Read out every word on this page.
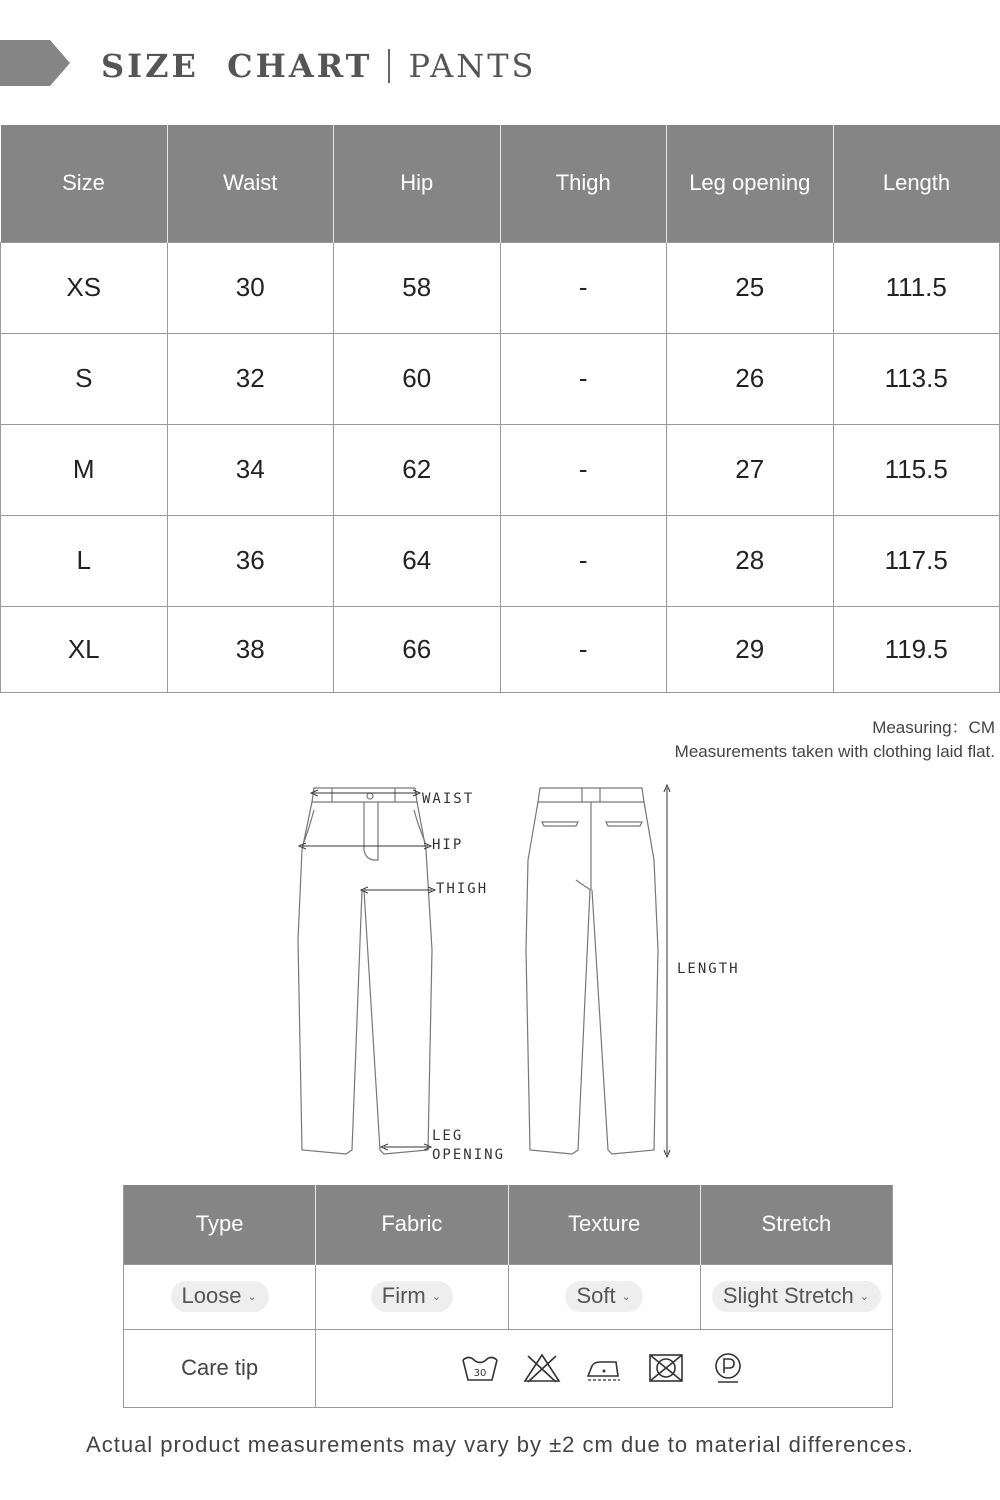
SIZE  CHART PANTS
Size	Waist	Hip	Thigh	Leg opening	Length
XS	30	58	-	25	111.5
S	32	60	-	26	113.5
M	34	62	-	27	115.5
L	36	64	-	28	117.5
XL	38	66	-	29	119.5
Measuring：CM
Measurements taken with clothing laid flat.
WAIST
HIP
THIGH
LEG
OPENING
LENGTH
Type	Fabric	Texture	Stretch

Loose ⌄	Firm ⌄	Soft ⌄	Slight Stretch ⌄

Care tip	30		
Actual product measurements may vary by ±2 cm due to material differences.
